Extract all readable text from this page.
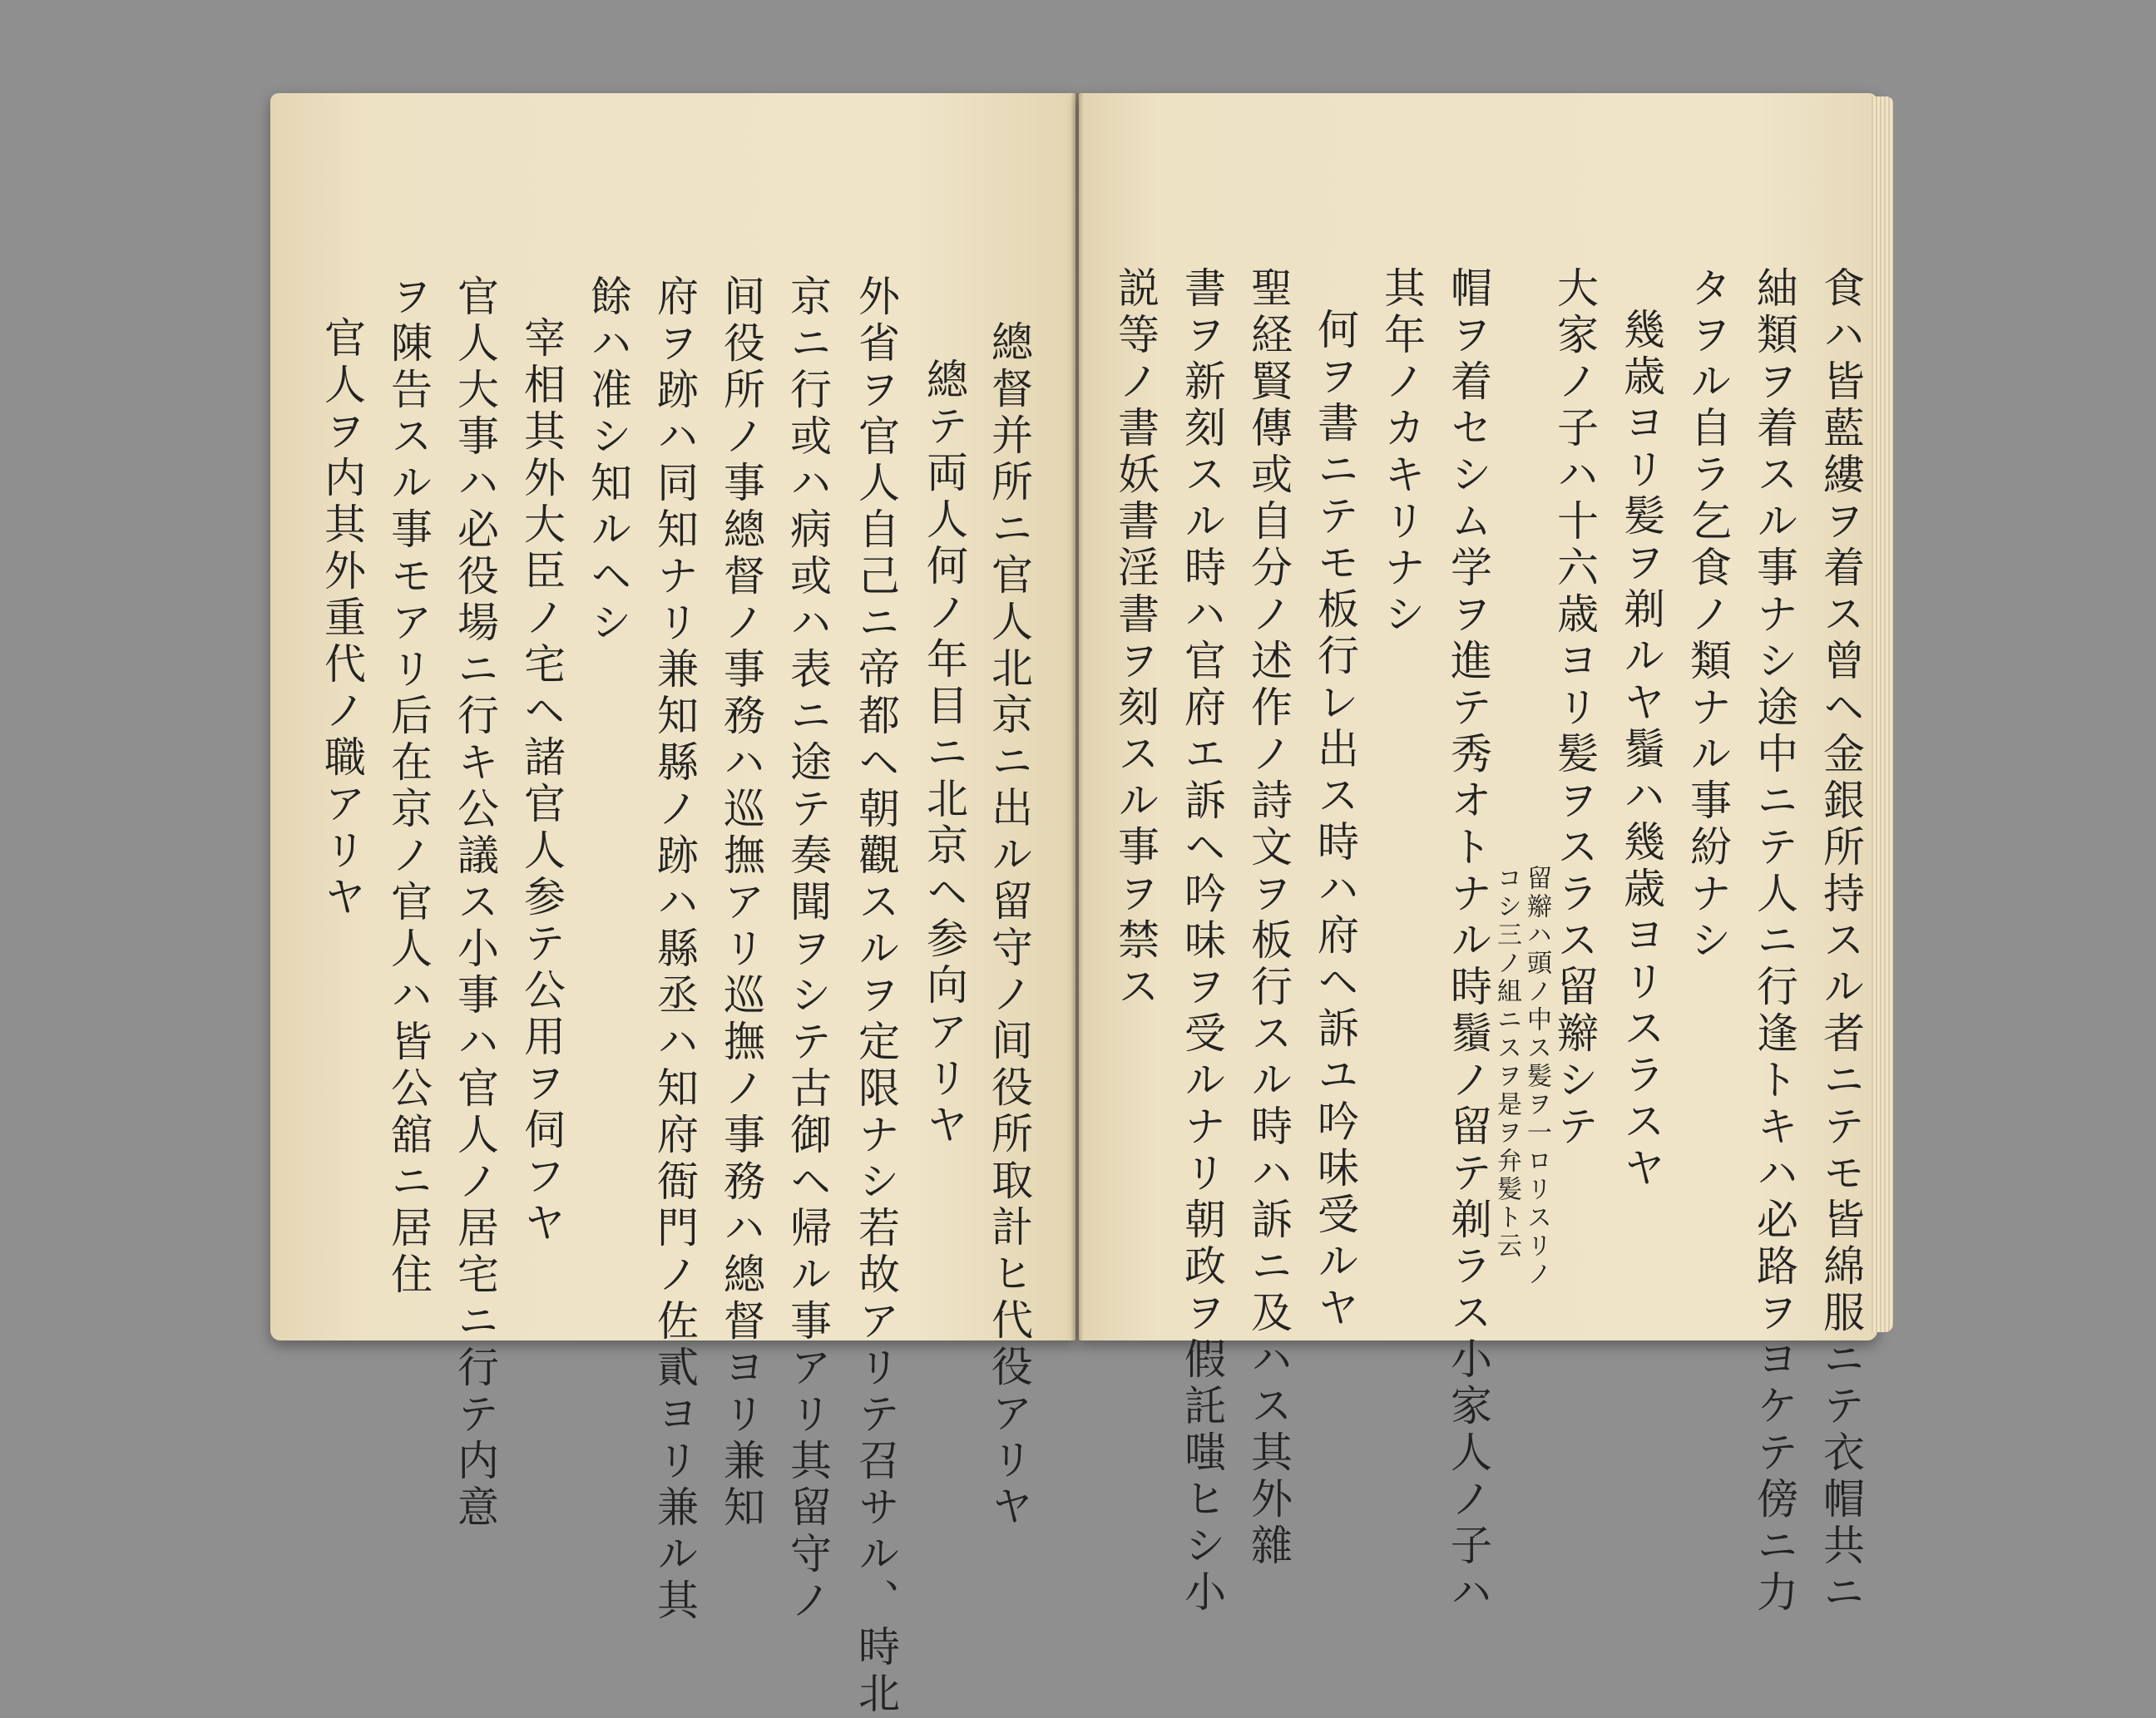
總督并所ニ官人北京ニ出ル留守ノ间役所取計ヒ代役アリヤ
總テ両人何ノ年目ニ北京ヘ参向アリヤ
外省ヲ官人自己ニ帝都ヘ朝觀スルヲ定限ナシ若故アリテ召サル、時北
京ニ行或ハ病或ハ表ニ途テ奏聞ヲシテ古御ヘ帰ル事アリ其留守ノ
间役所ノ事總督ノ事務ハ巡撫アリ巡撫ノ事務ハ總督ヨリ兼知
府ヲ跡ハ同知ナリ兼知縣ノ跡ハ縣丞ハ知府衙門ノ佐貳ヨリ兼ル其
餘ハ准シ知ルヘシ
宰相其外大臣ノ宅ヘ諸官人参テ公用ヲ伺フヤ
官人大事ハ必役場ニ行キ公議ス小事ハ官人ノ居宅ニ行テ内意
ヲ陳告スル事モアリ后在京ノ官人ハ皆公舘ニ居住
官人ヲ内其外重代ノ職アリヤ	食ハ皆藍縷ヲ着ス曾ヘ金銀所持スル者ニテモ皆綿服ニテ衣帽共ニ
紬類ヲ着スル事ナシ途中ニテ人ニ行逢トキハ必路ヲヨケテ傍ニ力
タヲル自ラ乞食ノ類ナル事紛ナシ
幾歳ヨリ髪ヲ剃ルヤ鬚ハ幾歳ヨリスラスヤ
大家ノ子ハ十六歳ヨリ髪ヲスラス留辮シテ
留辮ハ頭ノ中ス髪ヲ一ロリスリノ
コシ三ノ組ニスヲ是ヲ弁髪ト云
帽ヲ着セシム学ヲ進テ秀オトナル時鬚ノ留テ剃ラス小家人ノ子ハ
其年ノカキリナシ
何ヲ書ニテモ板行レ出ス時ハ府ヘ訴ユ吟味受ルヤ
聖経賢傳或自分ノ述作ノ詩文ヲ板行スル時ハ訴ニ及ハス其外雜
書ヲ新刻スル時ハ官府エ訴ヘ吟味ヲ受ルナリ朝政ヲ假託嗤ヒシ小
説等ノ書妖書淫書ヲ刻スル事ヲ禁ス
